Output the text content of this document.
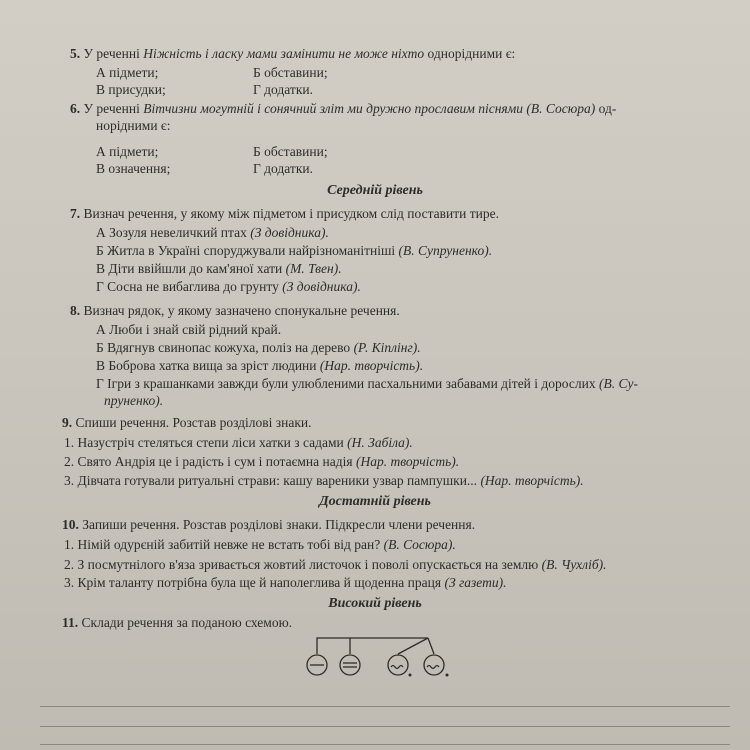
5. У реченні Ніжність і ласку мами замінити не може ніхто однорідними є:
А підмети;	Б обставини;
В присудки;	Г додатки.
6. У реченні Вітчизни могутній і сонячний зліт ми дружно прославим піснями (В. Сосюра) од-
норідними є:
А підмети;	Б обставини;
В означення;	Г додатки.
Середній рівень
7. Визнач речення, у якому між підметом і присудком слід поставити тире.
А Зозуля невеличкий птах (З довідника).
Б Житла в Україні споруджували найрізноманітніші (В. Супруненко).
В Діти ввійшли до кам'яної хати (М. Твен).
Г Сосна не вибаглива до грунту (З довідника).
8. Визнач рядок, у якому зазначено спонукальне речення.
А Люби і знай свій рідний край.
Б Вдягнув свинопас кожуха, поліз на дерево (Р. Кіплінг).
В Боброва хатка вища за зріст людини (Нар. творчість).
Г Ігри з крашанками завжди були улюбленими пасхальними забавами дітей і дорослих (В. Су-
пруненко).
9. Спиши речення. Розстав розділові знаки.
1. Назустріч стеляться степи ліси хатки з садами (Н. Забіла).
2. Свято Андрія це і радість і сум і потаємна надія (Нар. творчість).
3. Дівчата готували ритуальні страви: кашу вареники узвар пампушки... (Нар. творчість).
Достатній рівень
10. Запиши речення. Розстав розділові знаки. Підкресли члени речення.
1. Німій одурєній забитій невже не встать тобі від ран? (В. Сосюра).
2. З посмутнілого в'яза зривається жовтий листочок і поволі опускається на землю (В. Чухліб).
3. Крім таланту потрібна була ще й наполеглива й щоденна праця (З газети).
Високий рівень
11. Склади речення за поданою схемою.
